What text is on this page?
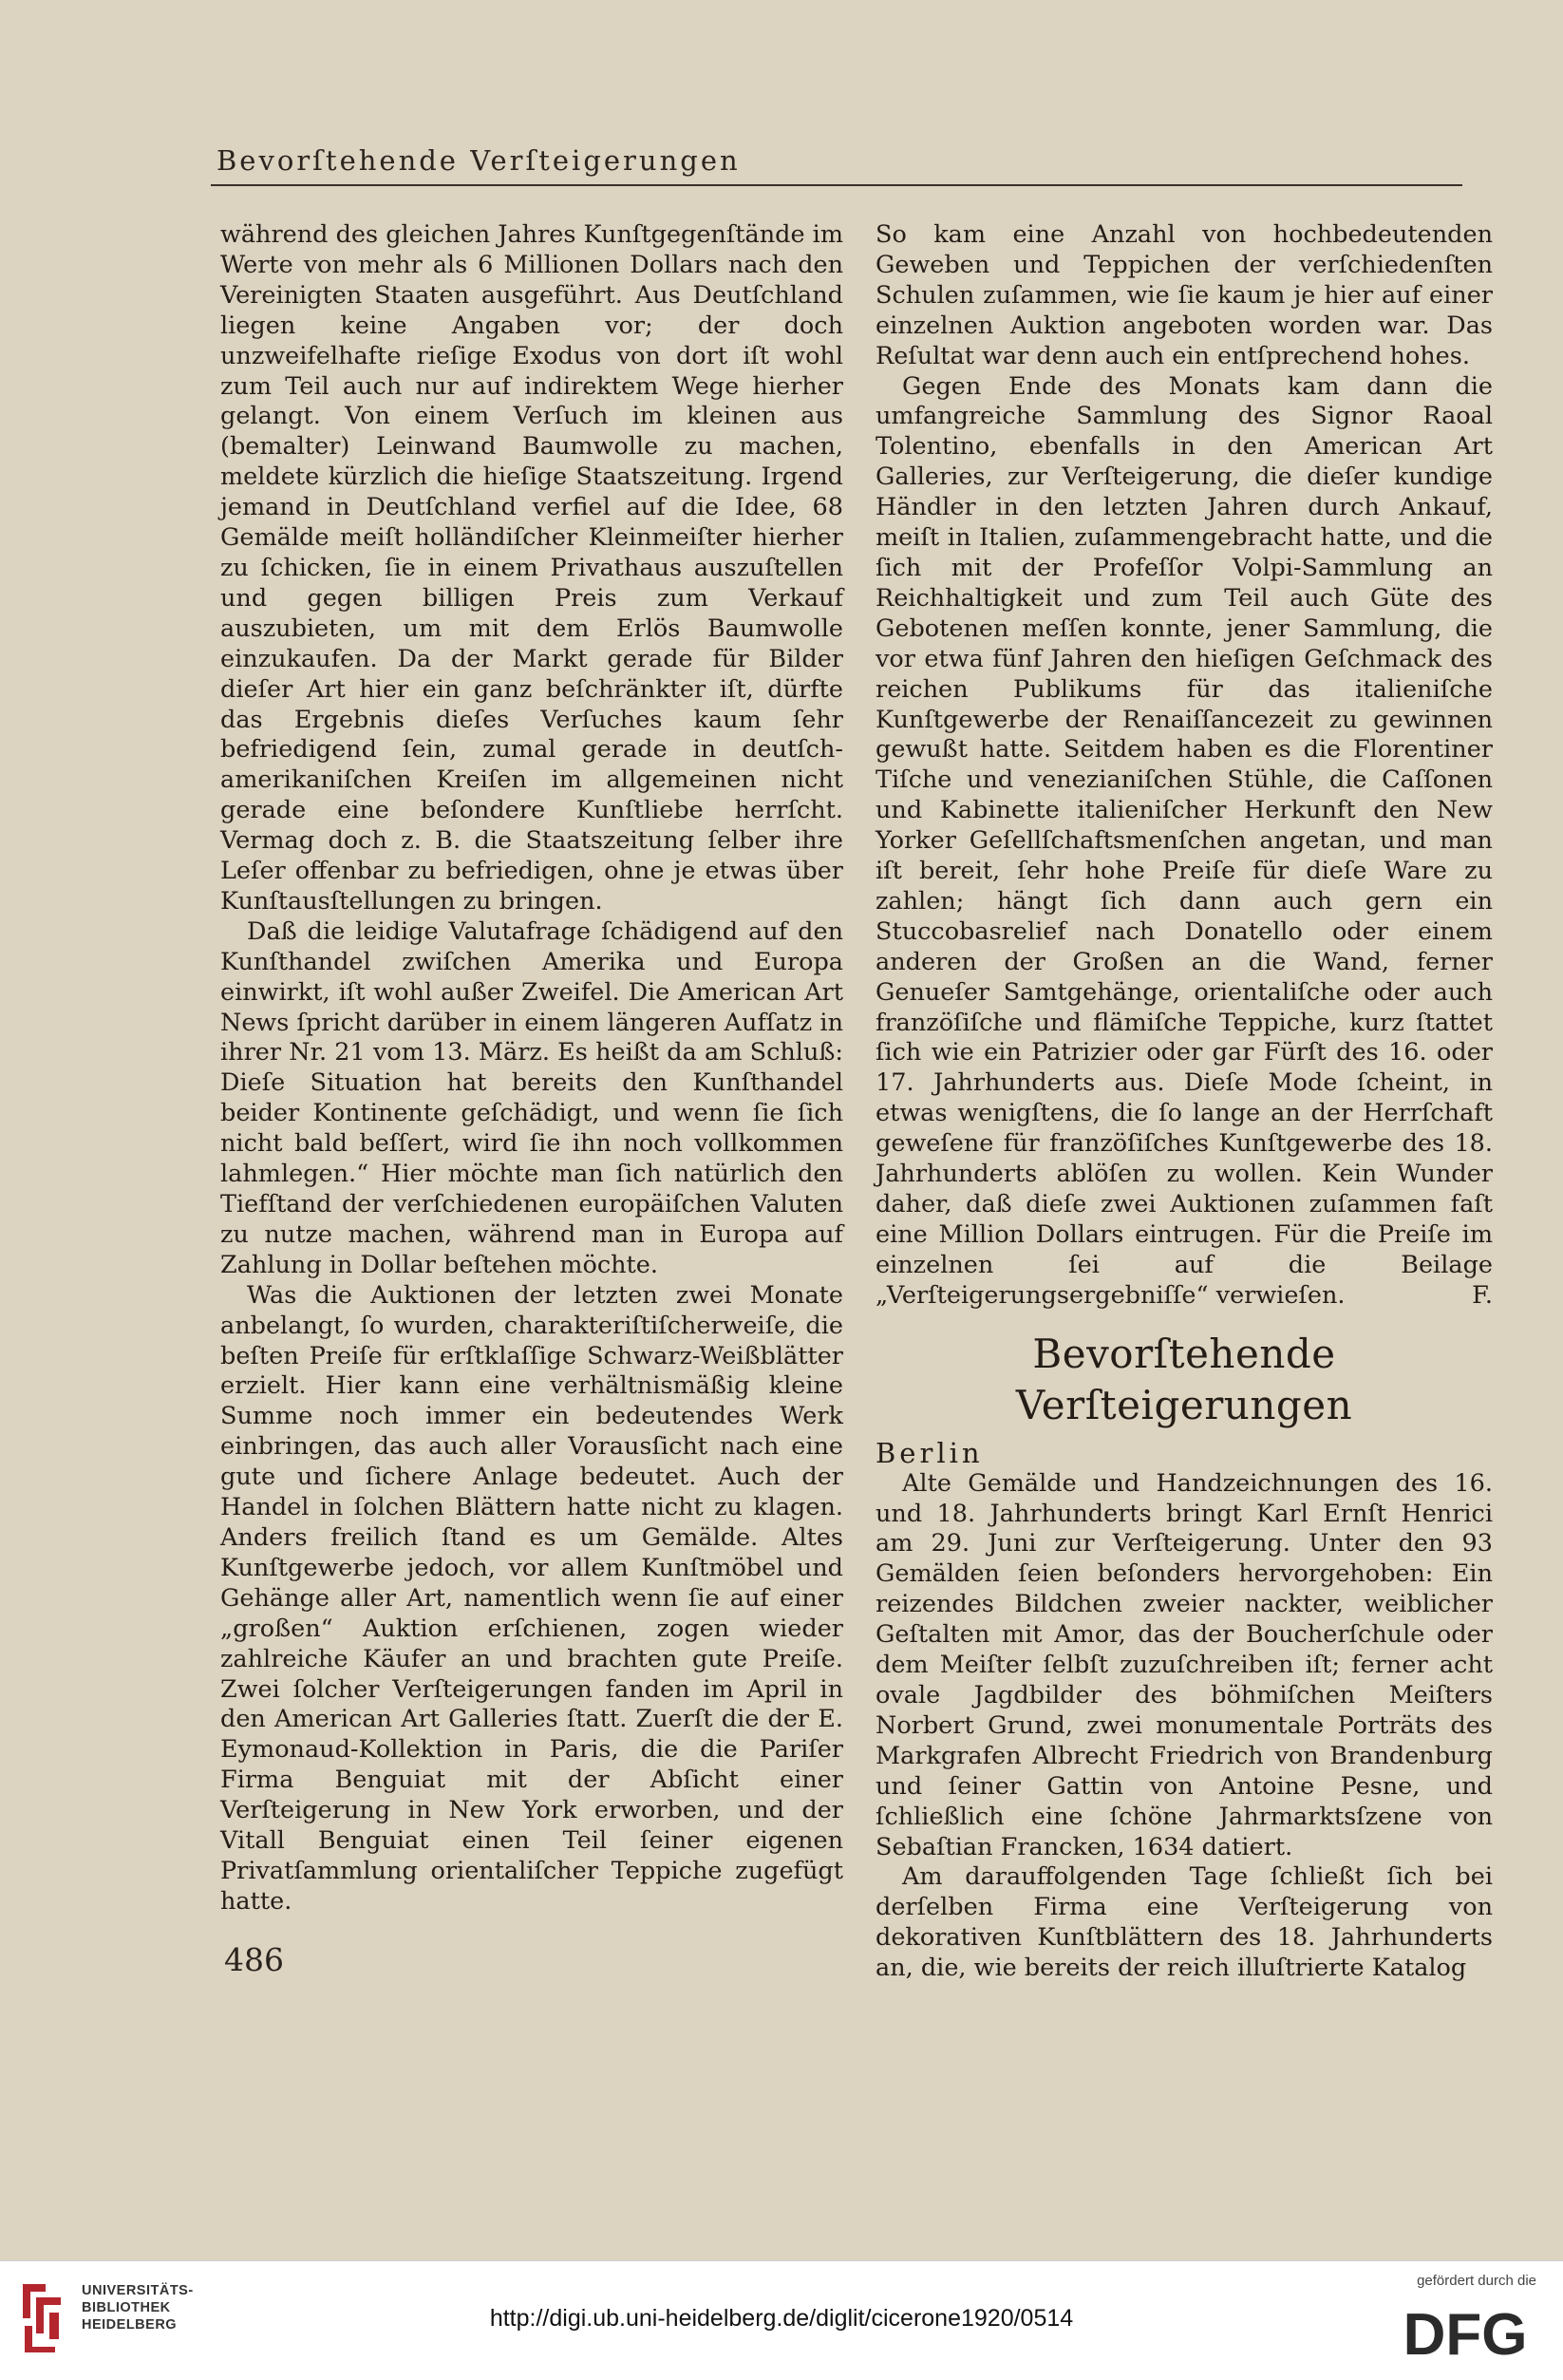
Bevorſtehende Verſteigerungen

während des gleichen Jahres Kunſtgegenſtände im Werte von mehr als 6 Millionen Dollars nach den Vereinigten Staaten ausgeführt. Aus Deutſchland liegen keine Angaben vor; der doch unzweifelhafte rieſige Exodus von dort iſt wohl zum Teil auch nur auf indirektem Wege hierher gelangt. Von einem Verſuch im kleinen aus (bemalter) Leinwand Baumwolle zu machen, meldete kürzlich die hieſige Staatszeitung. Irgend jemand in Deutſchland verfiel auf die Idee, 68 Gemälde meiſt holländiſcher Kleinmeiſter hierher zu ſchicken, ſie in einem Privathaus auszuſtellen und gegen billigen Preis zum Verkauf auszubieten, um mit dem Erlös Baumwolle einzukaufen. Da der Markt gerade für Bilder dieſer Art hier ein ganz beſchränkter iſt, dürfte das Ergebnis dieſes Verſuches kaum ſehr befriedigend ſein, zumal gerade in deutſch-amerikaniſchen Kreiſen im allgemeinen nicht gerade eine beſondere Kunſtliebe herrſcht. Vermag doch z. B. die Staatszeitung ſelber ihre Leſer offenbar zu befriedigen, ohne je etwas über Kunſtausſtellungen zu bringen.

Daß die leidige Valutafrage ſchädigend auf den Kunſthandel zwiſchen Amerika und Europa einwirkt, iſt wohl außer Zweifel. Die American Art News ſpricht darüber in einem längeren Aufſatz in ihrer Nr. 21 vom 13. März. Es heißt da am Schluß: Dieſe Situation hat bereits den Kunſthandel beider Kontinente geſchädigt, und wenn ſie ſich nicht bald beſſert, wird ſie ihn noch vollkommen lahmlegen.“ Hier möchte man ſich natürlich den Tiefſtand der verſchiedenen europäiſchen Valuten zu nutze machen, während man in Europa auf Zahlung in Dollar beſtehen möchte.

Was die Auktionen der letzten zwei Monate anbelangt, ſo wurden, charakteriſtiſcherweiſe, die beſten Preiſe für erſtklaſſige Schwarz-Weißblätter erzielt. Hier kann eine verhältnismäßig kleine Summe noch immer ein bedeutendes Werk einbringen, das auch aller Vorausſicht nach eine gute und ſichere Anlage bedeutet. Auch der Handel in ſolchen Blättern hatte nicht zu klagen. Anders freilich ſtand es um Gemälde. Altes Kunſtgewerbe jedoch, vor allem Kunſtmöbel und Gehänge aller Art, namentlich wenn ſie auf einer „großen“ Auktion erſchienen, zogen wieder zahlreiche Käufer an und brachten gute Preiſe. Zwei ſolcher Verſteigerungen fanden im April in den American Art Galleries ſtatt. Zuerſt die der E. Eymonaud-Kollektion in Paris, die die Pariſer Firma Benguiat mit der Abſicht einer Verſteigerung in New York erworben, und der Vitall Benguiat einen Teil ſeiner eigenen Privatſammlung orientaliſcher Teppiche zugefügt hatte.

So kam eine Anzahl von hochbedeutenden Geweben und Teppichen der verſchiedenſten Schulen zuſammen, wie ſie kaum je hier auf einer einzelnen Auktion angeboten worden war. Das Reſultat war denn auch ein entſprechend hohes.

Gegen Ende des Monats kam dann die umfangreiche Sammlung des Signor Raoal Tolentino, ebenfalls in den American Art Galleries, zur Verſteigerung, die dieſer kundige Händler in den letzten Jahren durch Ankauf, meiſt in Italien, zuſammengebracht hatte, und die ſich mit der Profeſſor Volpi-Sammlung an Reichhaltigkeit und zum Teil auch Güte des Gebotenen meſſen konnte, jener Sammlung, die vor etwa fünf Jahren den hieſigen Geſchmack des reichen Publikums für das italieniſche Kunſtgewerbe der Renaiſſancezeit zu gewinnen gewußt hatte. Seitdem haben es die Florentiner Tiſche und venezianiſchen Stühle, die Caſſonen und Kabinette italieniſcher Herkunft den New Yorker Geſellſchaftsmenſchen angetan, und man iſt bereit, ſehr hohe Preiſe für dieſe Ware zu zahlen; hängt ſich dann auch gern ein Stuccobasrelief nach Donatello oder einem anderen der Großen an die Wand, ferner Genueſer Samtgehänge, orientaliſche oder auch franzöſiſche und flämiſche Teppiche, kurz ſtattet ſich wie ein Patrizier oder gar Fürſt des 16. oder 17. Jahrhunderts aus. Dieſe Mode ſcheint, in etwas wenigſtens, die ſo lange an der Herrſchaft geweſene für franzöſiſches Kunſtgewerbe des 18. Jahrhunderts ablöſen zu wollen. Kein Wunder daher, daß dieſe zwei Auktionen zuſammen faſt eine Million Dollars eintrugen. Für die Preiſe im einzelnen ſei auf die Beilage „Verſteigerungsergebniſſe“ verwieſen.	F.

Bevorſtehende Verſteigerungen
Berlin

Alte Gemälde und Handzeichnungen des 16. und 18. Jahrhunderts bringt Karl Ernſt Henrici am 29. Juni zur Verſteigerung. Unter den 93 Gemälden ſeien beſonders hervorgehoben: Ein reizendes Bildchen zweier nackter, weiblicher Geſtalten mit Amor, das der Boucherſchule oder dem Meiſter ſelbſt zuzuſchreiben iſt; ferner acht ovale Jagdbilder des böhmiſchen Meiſters Norbert Grund, zwei monumentale Porträts des Markgrafen Albrecht Friedrich von Brandenburg und ſeiner Gattin von Antoine Pesne, und ſchließlich eine ſchöne Jahrmarktsſzene von Sebaſtian Francken, 1634 datiert.

Am darauffolgenden Tage ſchließt ſich bei derſelben Firma eine Verſteigerung von dekorativen Kunſtblättern des 18. Jahrhunderts an, die, wie bereits der reich illuſtrierte Katalog

486
UNIVERSITÄTS-
BIBLIOTHEK
HEIDELBERG	http://digi.ub.uni-heidelberg.de/diglit/cicerone1920/0514
gefördert durch die
DFG
